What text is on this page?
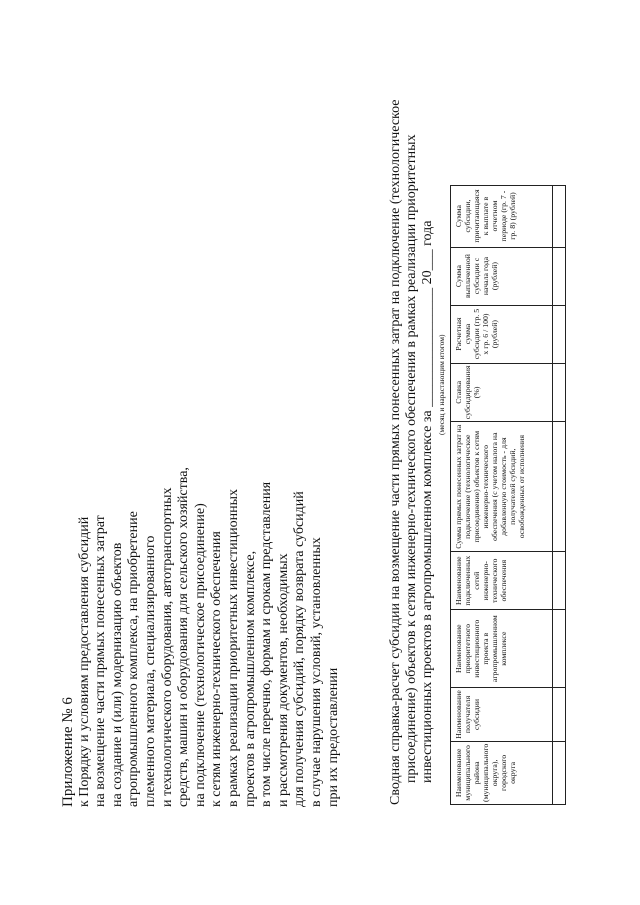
Приложение № 6 к Порядку и условиям предоставления субсидий на возмещение части прямых понесенных затрат на создание и (или) модернизацию объектов агропромышленного комплекса, на приобретение племенного материала, специализированного и технологического оборудования, автотранспортных средств, машин и оборудования для сельского хозяйства, на подключение (технологическое присоединение) к сетям инженерно-технического обеспечения в рамках реализации приоритетных инвестиционных проектов в агропромышленном комплексе, в том числе перечню, формам и срокам представления и рассмотрения документов, необходимых для получения субсидий, порядку возврата субсидий в случае нарушения условий, установленных при их предоставлении	Сводная справка-расчет субсидии на возмещение части прямых понесенных затрат на подключение (технологическое присоединение) объектов к сетям инженерно-технического обеспечения в рамках реализации приоритетных инвестиционных проектов в агропромышленном комплексе за _________________ 20___ года (месяц и нарастающим итогом)
Наименование муниципального района (муниципального округа), городского округа	Наименование получателя субсидии	Наименование приоритетного инвестиционного проекта в агропромышленном комплексе	Наименование подключенных сетей инженерно-технического обеспечения	Сумма прямых понесенных затрат на подключение (технологическое присоединение) объектов к сетям инженерно-технического обеспечения (с учетом налога на добавленную стоимость - для получателей субсидий, освобожденных от исполнения	Ставка субсидирования (%)	Расчетная сумма субсидии (гр. 5 x гр. 6 / 100) (рублей)	Сумма выплаченной субсидии с начала года (рублей)	Сумма субсидии, причитающаяся к выплате в отчетном периоде (гр. 7 - гр. 8) (рублей)
